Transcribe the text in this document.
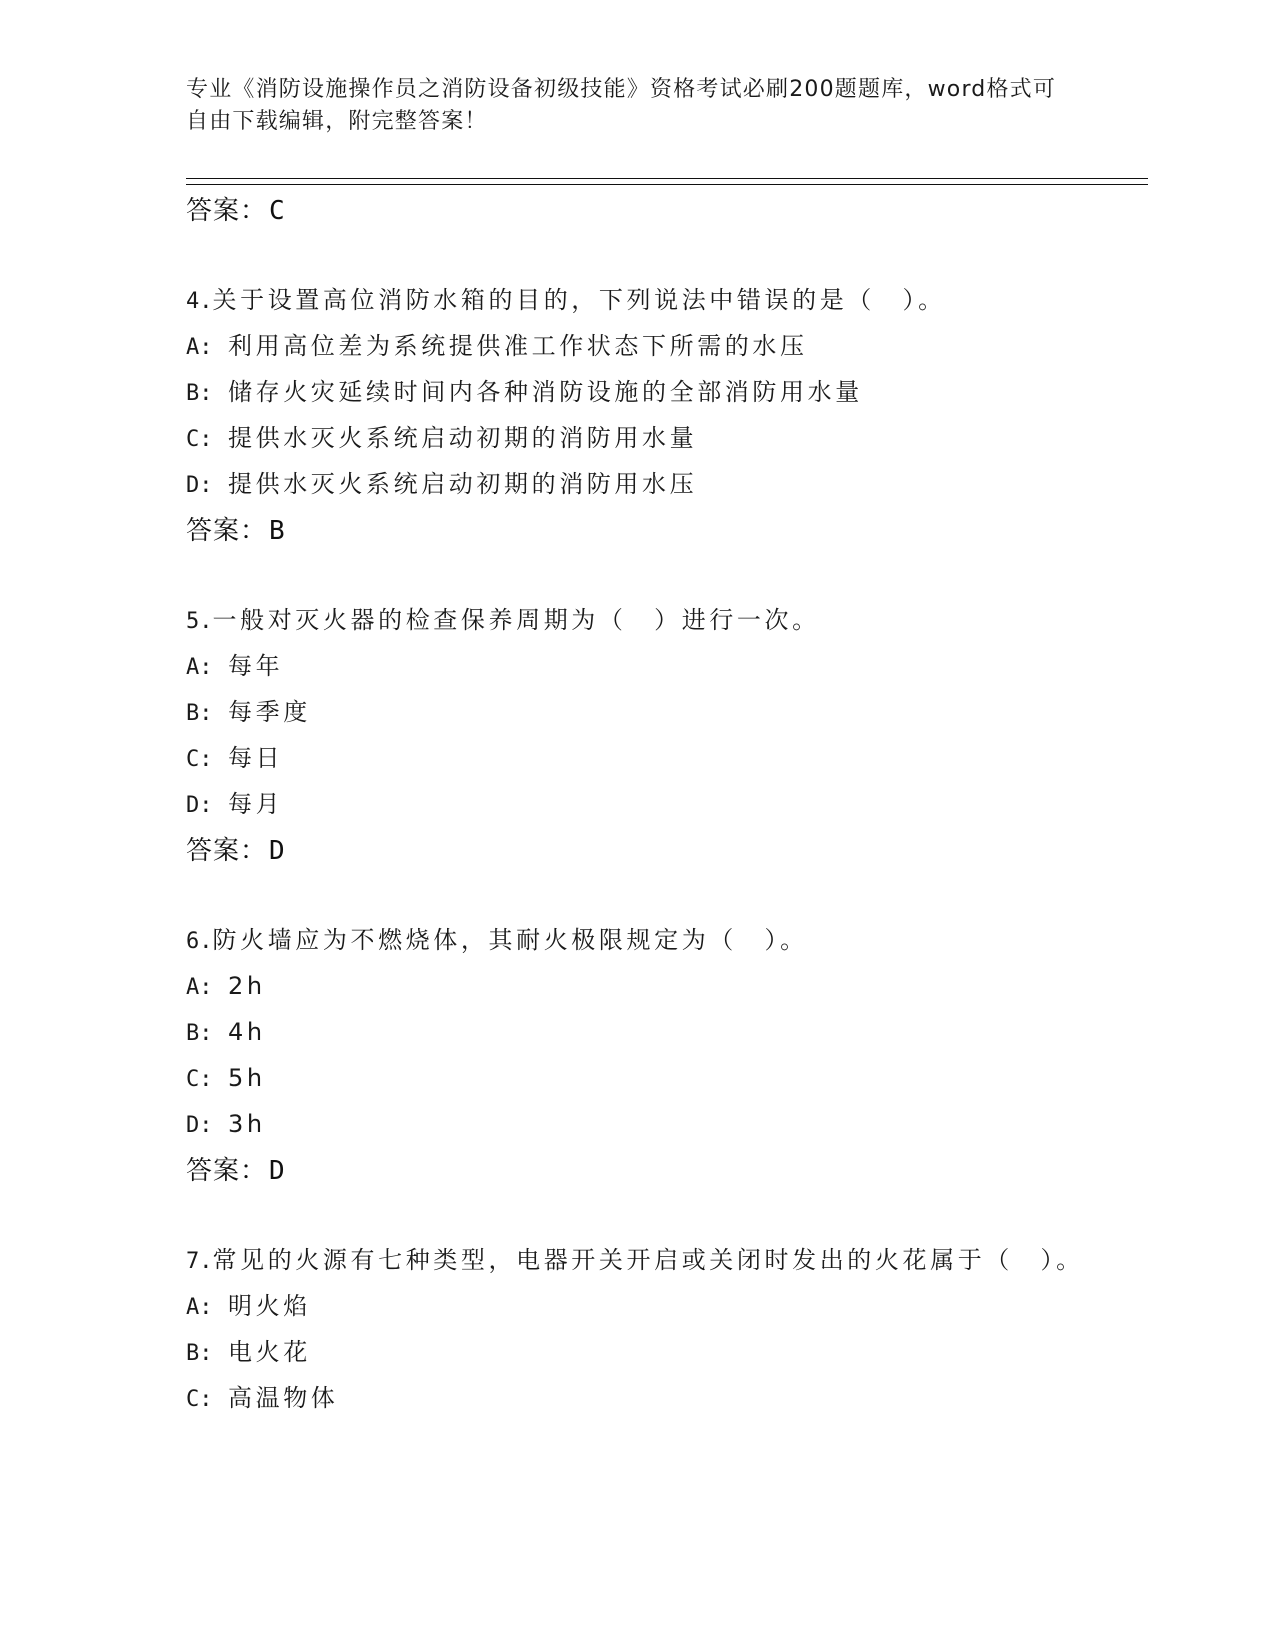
专业《消防设施操作员之消防设备初级技能》资格考试必刷200题题库，word格式可自由下载编辑，附完整答案！
答案：C
4.关于设置高位消防水箱的目的，下列说法中错误的是（　）。
A: 利用高位差为系统提供准工作状态下所需的水压
B: 储存火灾延续时间内各种消防设施的全部消防用水量
C: 提供水灭火系统启动初期的消防用水量
D: 提供水灭火系统启动初期的消防用水压
答案：B
5.一般对灭火器的检查保养周期为（　）进行一次。
A: 每年
B: 每季度
C: 每日
D: 每月
答案：D
6.防火墙应为不燃烧体，其耐火极限规定为（　）。
A: 2h
B: 4h
C: 5h
D: 3h
答案：D
7.常见的火源有七种类型，电器开关开启或关闭时发出的火花属于（　）。
A: 明火焰
B: 电火花
C: 高温物体
